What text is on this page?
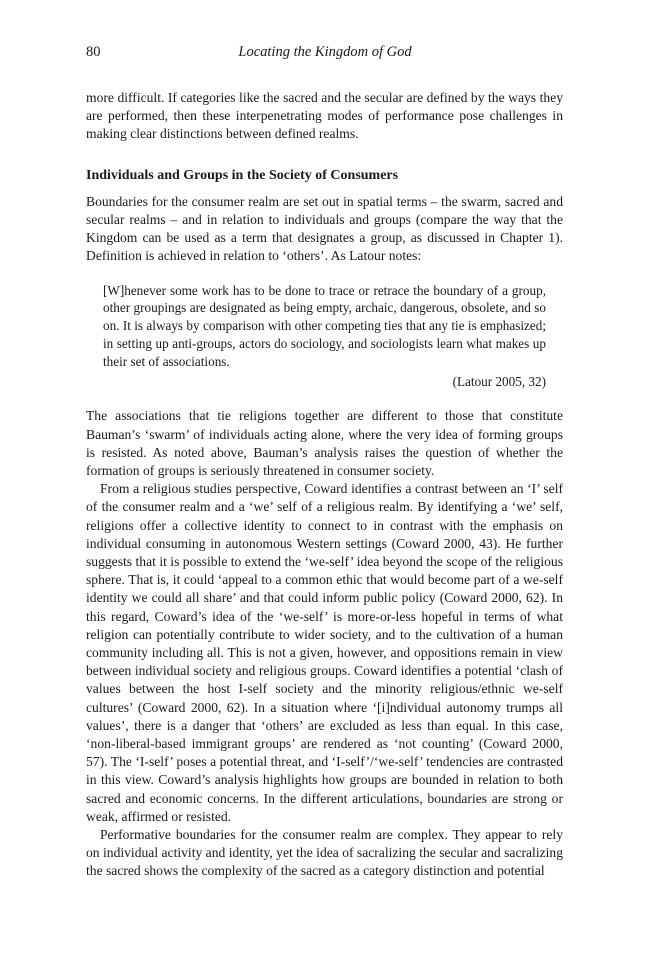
80	Locating the Kingdom of God

more difficult. If categories like the sacred and the secular are defined by the ways they are performed, then these interpenetrating modes of performance pose challenges in making clear distinctions between defined realms.

Individuals and Groups in the Society of Consumers

Boundaries for the consumer realm are set out in spatial terms – the swarm, sacred and secular realms – and in relation to individuals and groups (compare the way that the Kingdom can be used as a term that designates a group, as discussed in Chapter 1). Definition is achieved in relation to ‘others’. As Latour notes:

[W]henever some work has to be done to trace or retrace the boundary of a group, other groupings are designated as being empty, archaic, dangerous, obsolete, and so on. It is always by comparison with other competing ties that any tie is emphasized; in setting up anti-groups, actors do sociology, and sociologists learn what makes up their set of associations.

(Latour 2005, 32)

The associations that tie religions together are different to those that constitute Bauman’s ‘swarm’ of individuals acting alone, where the very idea of forming groups is resisted. As noted above, Bauman’s analysis raises the question of whether the formation of groups is seriously threatened in consumer society.

From a religious studies perspective, Coward identifies a contrast between an ‘I’ self of the consumer realm and a ‘we’ self of a religious realm. By identifying a ‘we’ self, religions offer a collective identity to connect to in contrast with the emphasis on individual consuming in autonomous Western settings (Coward 2000, 43). He further suggests that it is possible to extend the ‘we-self’ idea beyond the scope of the religious sphere. That is, it could ‘appeal to a common ethic that would become part of a we-self identity we could all share’ and that could inform public policy (Coward 2000, 62). In this regard, Coward’s idea of the ‘we-self’ is more-or-less hopeful in terms of what religion can potentially contribute to wider society, and to the cultivation of a human community including all. This is not a given, however, and oppositions remain in view between individual society and religious groups. Coward identifies a potential ‘clash of values between the host I-self society and the minority religious/ethnic we-self cultures’ (Coward 2000, 62). In a situation where ‘[i]ndividual autonomy trumps all values’, there is a danger that ‘others’ are excluded as less than equal. In this case, ‘non-liberal-based immigrant groups’ are rendered as ‘not counting’ (Coward 2000, 57). The ‘I-self’ poses a potential threat, and ‘I-self’/‘we-self’ tendencies are contrasted in this view. Coward’s analysis highlights how groups are bounded in relation to both sacred and economic concerns. In the different articulations, boundaries are strong or weak, affirmed or resisted.

Performative boundaries for the consumer realm are complex. They appear to rely on individual activity and identity, yet the idea of sacralizing the secular and sacralizing the sacred shows the complexity of the sacred as a category distinction and potential
